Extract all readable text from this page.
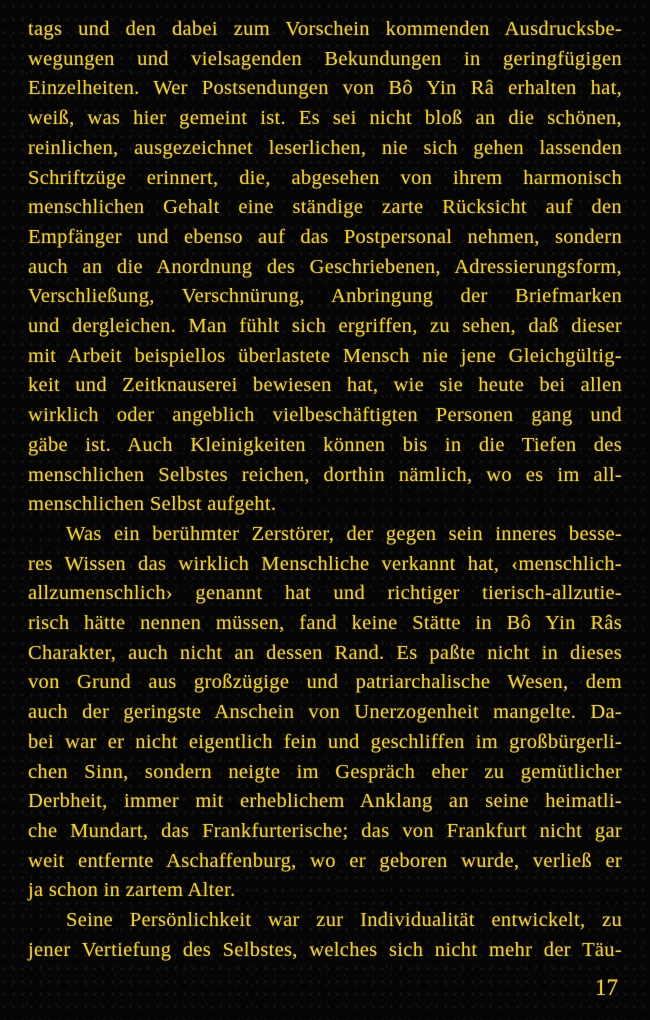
tags und den dabei zum Vorschein kommenden Ausdrucksbe-
wegungen und vielsagenden Bekundungen in geringfügigen
Einzelheiten. Wer Postsendungen von Bô Yin Râ erhalten hat,
weiß, was hier gemeint ist. Es sei nicht bloß an die schönen,
reinlichen, ausgezeichnet leserlichen, nie sich gehen lassenden
Schriftzüge erinnert, die, abgesehen von ihrem harmonisch
menschlichen Gehalt eine ständige zarte Rücksicht auf den
Empfänger und ebenso auf das Postpersonal nehmen, sondern
auch an die Anordnung des Geschriebenen, Adressierungsform,
Verschließung, Verschnürung, Anbringung der Briefmarken
und dergleichen. Man fühlt sich ergriffen, zu sehen, daß dieser
mit Arbeit beispiellos überlastete Mensch nie jene Gleichgültig-
keit und Zeitknauserei bewiesen hat, wie sie heute bei allen
wirklich oder angeblich vielbeschäftigten Personen gang und
gäbe ist. Auch Kleinigkeiten können bis in die Tiefen des
menschlichen Selbstes reichen, dorthin nämlich, wo es im all-
menschlichen Selbst aufgeht.
Was ein berühmter Zerstörer, der gegen sein inneres besse-
res Wissen das wirklich Menschliche verkannt hat, ‹menschlich-
allzumenschlich› genannt hat und richtiger tierisch-allzutie-
risch hätte nennen müssen, fand keine Stätte in Bô Yin Râs
Charakter, auch nicht an dessen Rand. Es paßte nicht in dieses
von Grund aus großzügige und patriarchalische Wesen, dem
auch der geringste Anschein von Unerzogenheit mangelte. Da-
bei war er nicht eigentlich fein und geschliffen im großbürgerli-
chen Sinn, sondern neigte im Gespräch eher zu gemütlicher
Derbheit, immer mit erheblichem Anklang an seine heimatli-
che Mundart, das Frankfurterische; das von Frankfurt nicht gar
weit entfernte Aschaffenburg, wo er geboren wurde, verließ er
ja schon in zartem Alter.
Seine Persönlichkeit war zur Individualität entwickelt, zu
jener Vertiefung des Selbstes, welches sich nicht mehr der Täu-
17
